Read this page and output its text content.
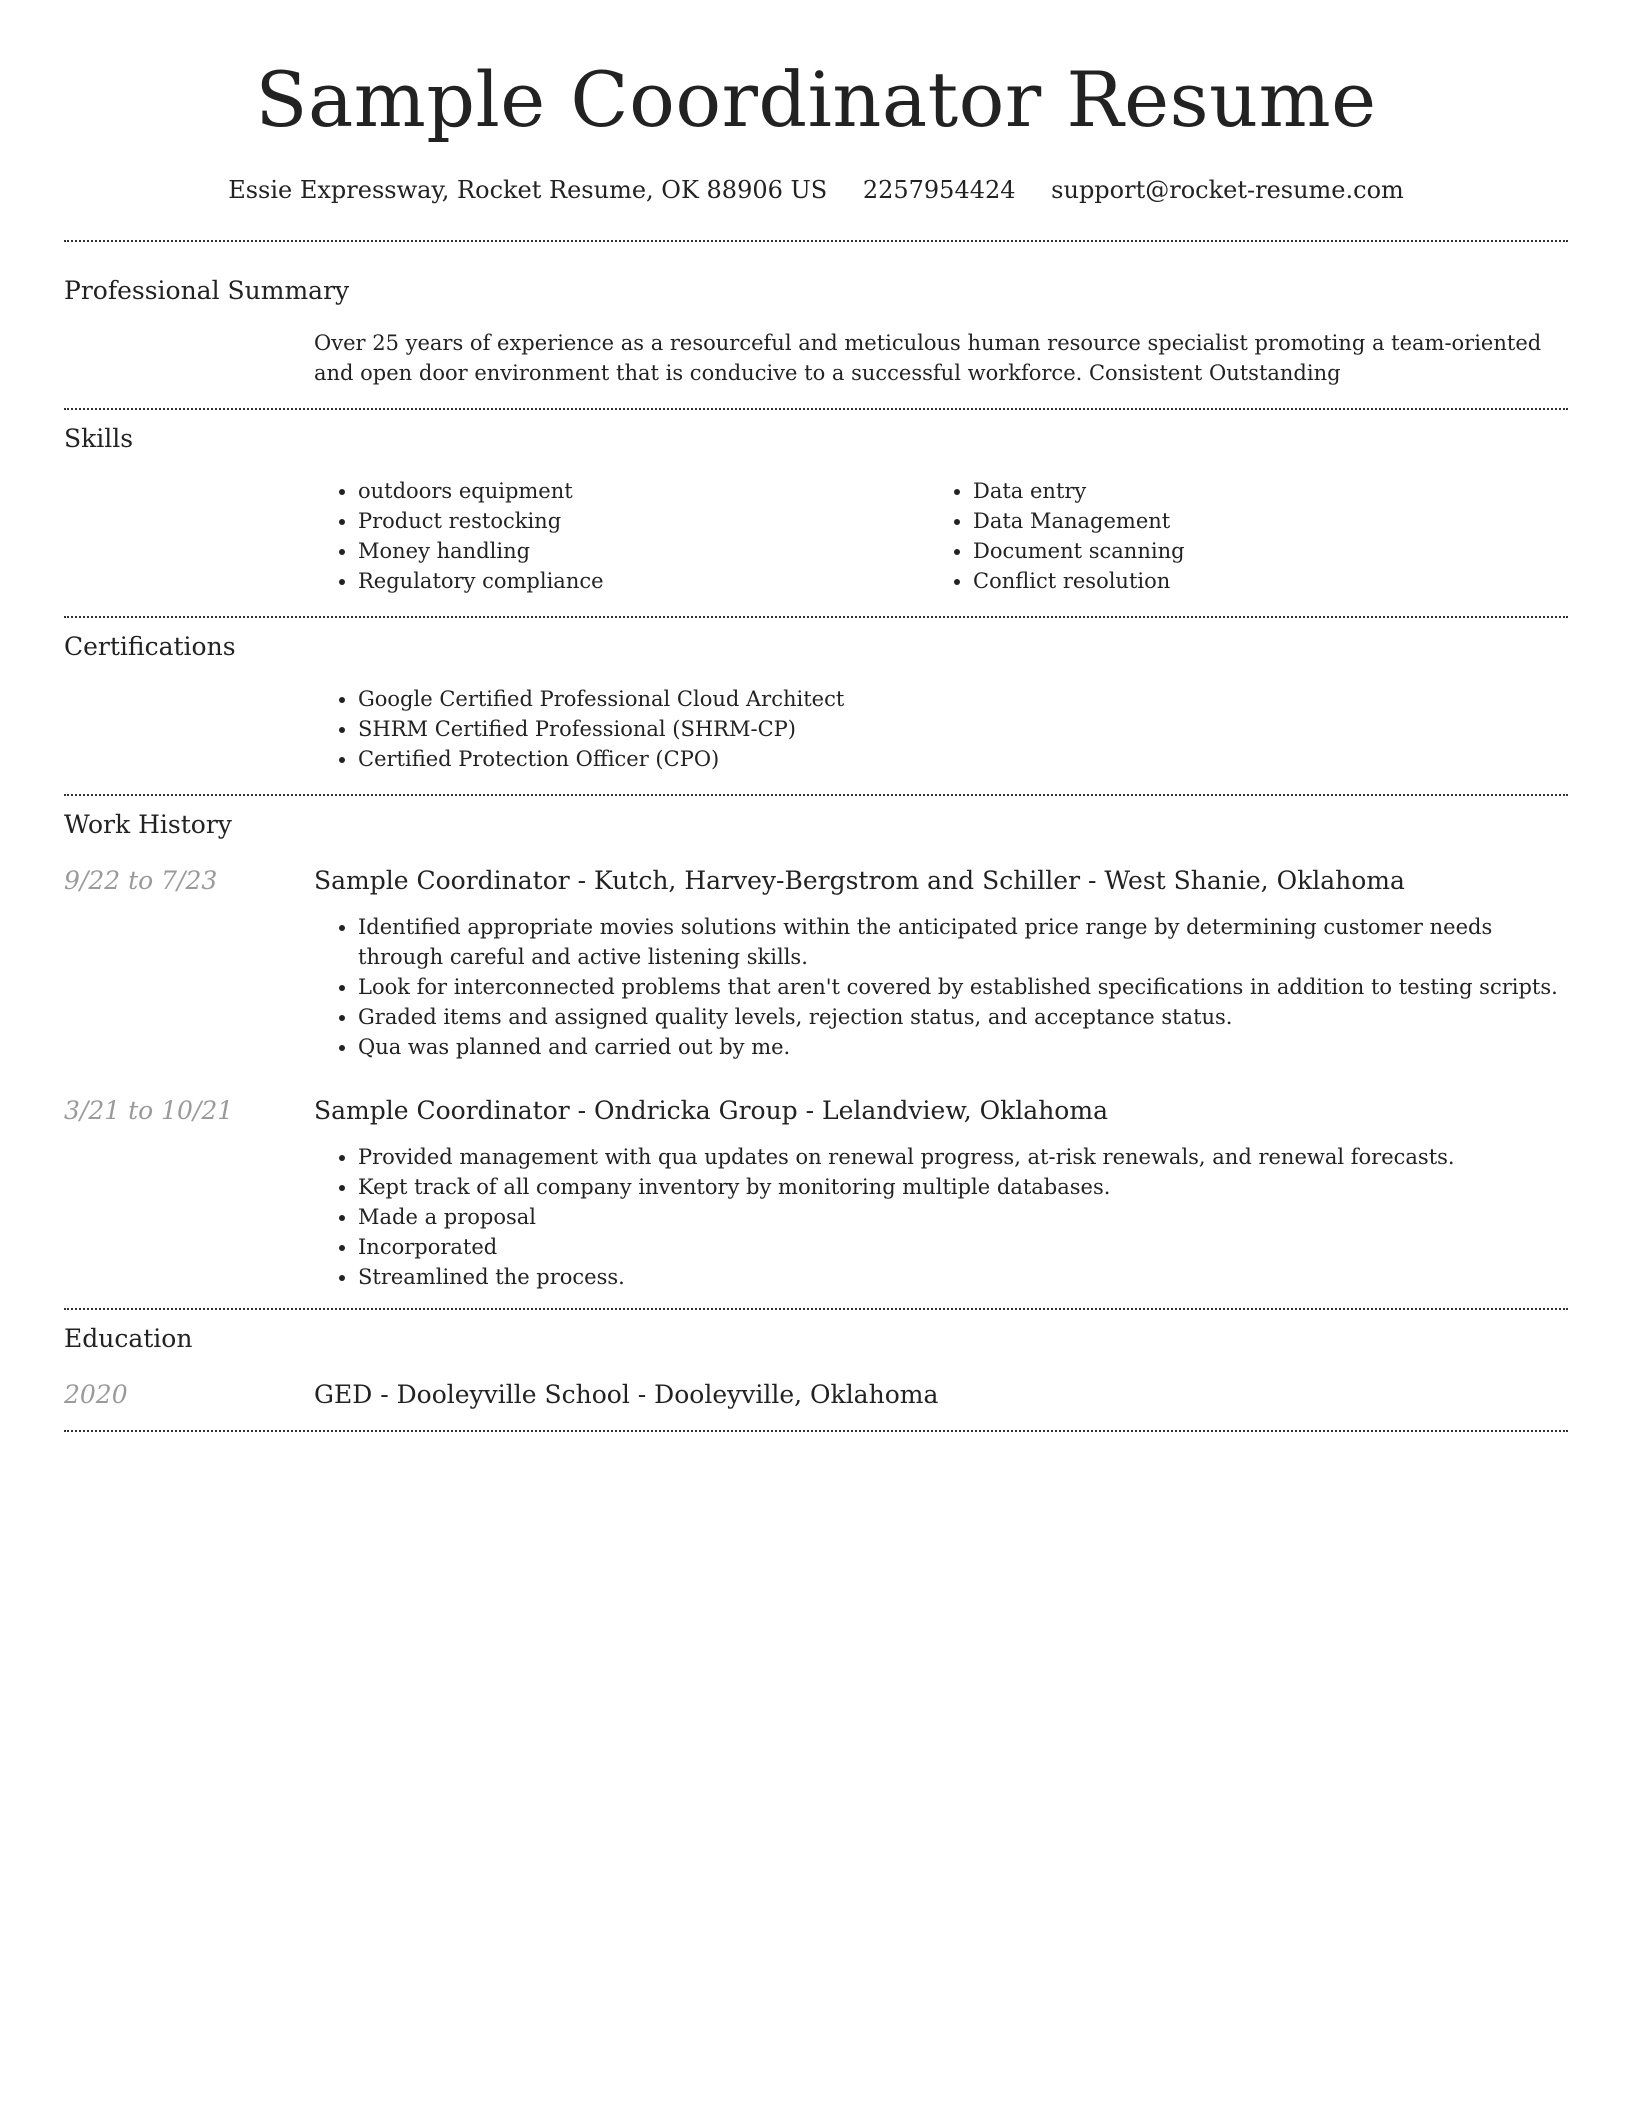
Sample Coordinator Resume
Essie Expressway, Rocket Resume, OK 88906 US 2257954424 support@rocket-resume.com
Professional Summary
Over 25 years of experience as a resourceful and meticulous human resource specialist promoting a team-oriented and open door environment that is conducive to a successful workforce. Consistent Outstanding
Skills
• outdoors equipment
• Product restocking
• Money handling
• Regulatory compliance
• Data entry
• Data Management
• Document scanning
• Conflict resolution
Certifications
• Google Certified Professional Cloud Architect
• SHRM Certified Professional (SHRM-CP)
• Certified Protection Officer (CPO)
Work History
9/22 to 7/23	Sample Coordinator - Kutch, Harvey-Bergstrom and Schiller - West Shanie, Oklahoma
• Identified appropriate movies solutions within the anticipated price range by determining customer needs through careful and active listening skills.
• Look for interconnected problems that aren't covered by established specifications in addition to testing scripts.
• Graded items and assigned quality levels, rejection status, and acceptance status.
• Qua was planned and carried out by me.
3/21 to 10/21	Sample Coordinator - Ondricka Group - Lelandview, Oklahoma
• Provided management with qua updates on renewal progress, at-risk renewals, and renewal forecasts.
• Kept track of all company inventory by monitoring multiple databases.
• Made a proposal
• Incorporated
• Streamlined the process.
Education
2020	GED - Dooleyville School - Dooleyville, Oklahoma
